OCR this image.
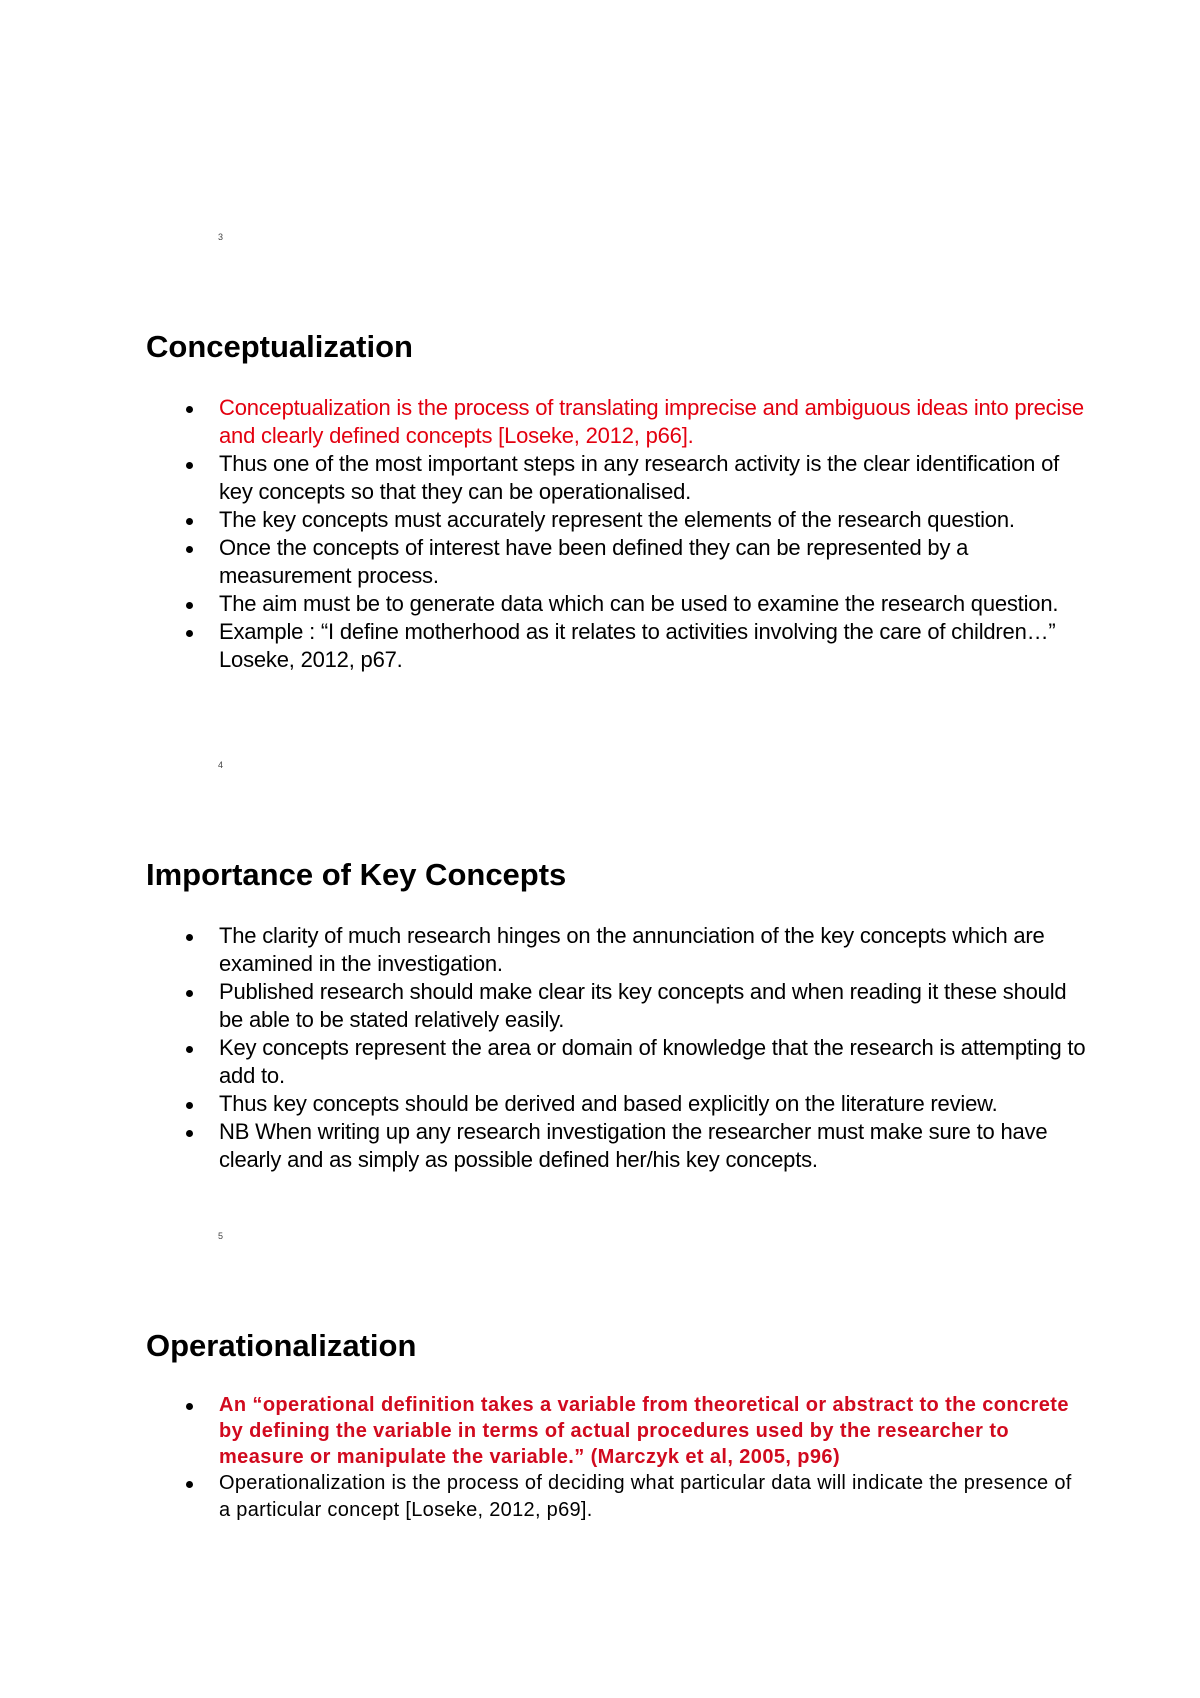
3
Conceptualization
Conceptualization is the process of translating imprecise and ambiguous ideas into precise and clearly defined concepts [Loseke, 2012, p66].
Thus one of the most important steps in any research activity is the clear identification of key concepts so that they can be operationalised.
The key concepts must accurately represent the elements of the research question.
Once the concepts of interest have been defined they can be represented by a measurement process.
The aim must be to generate data which can be used to examine the research question.
Example : “I define motherhood as it relates to activities involving the care of children…” Loseke, 2012, p67.
4
Importance of Key Concepts
The clarity of much research hinges on the annunciation of the key concepts which are examined in the investigation.
Published research should make clear its key concepts and when reading it these should be able to be stated relatively easily.
Key concepts represent the area or domain of knowledge that the research is attempting to add to.
Thus key concepts should be derived and based explicitly on the literature review.
NB When writing up any research investigation the researcher must make sure to have clearly and as simply as possible defined her/his key concepts.
5
Operationalization
An “operational definition takes a variable from theoretical or abstract to the concrete by defining the variable in terms of actual procedures used by the researcher to measure or manipulate the variable.” (Marczyk et al, 2005, p96)
Operationalization is the process of deciding what particular data will indicate the presence of a particular concept [Loseke, 2012, p69].
